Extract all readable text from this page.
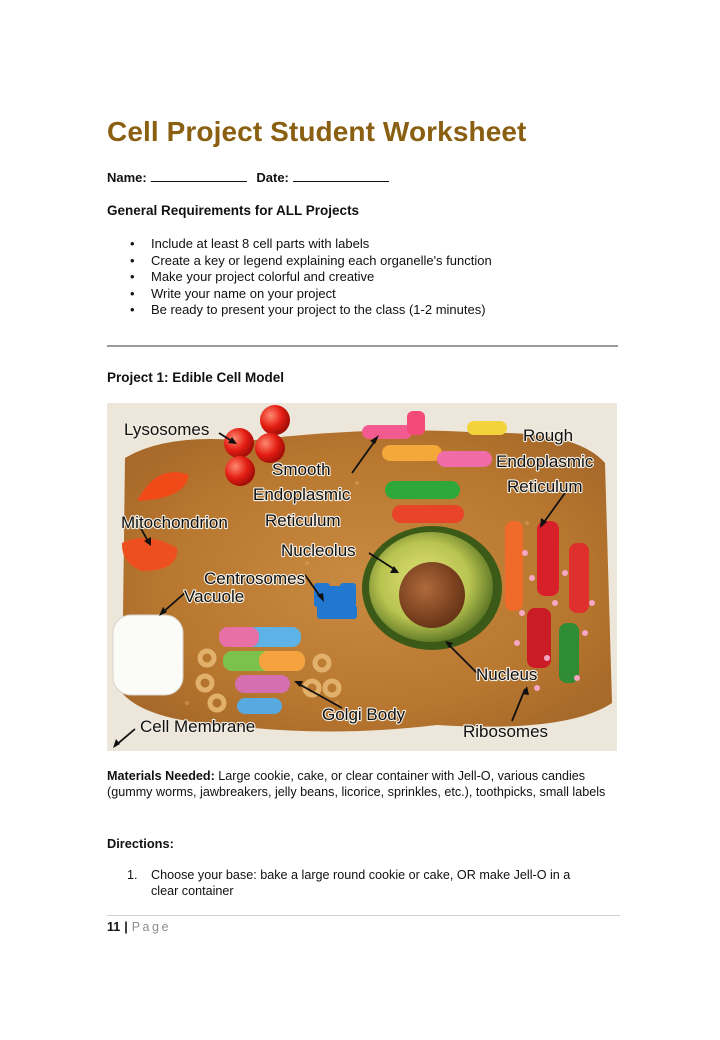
Cell Project Student Worksheet
Name:	Date:
General Requirements for ALL Projects
• Include at least 8 cell parts with labels
• Create a key or legend explaining each organelle's function
• Make your project colorful and creative
• Write your name on your project
• Be ready to present your project to the class (1-2 minutes)
Project 1: Edible Cell Model
Lysosomes
Smooth
Endoplasmic
Reticulum
Rough
Endoplasmic
Reticulum
Mitochondrion
Nucleolus
Centrosomes
Vacuole
Nucleus
Golgi Body
Cell Membrane	Ribosomes
Materials Needed: Large cookie, cake, or clear container with Jell-O, various candies (gummy worms, jawbreakers, jelly beans, licorice, sprinkles, etc.), toothpicks, small labels
Directions:
1. Choose your base: bake a large round cookie or cake, OR make Jell-O in a clear container
11 | Page
